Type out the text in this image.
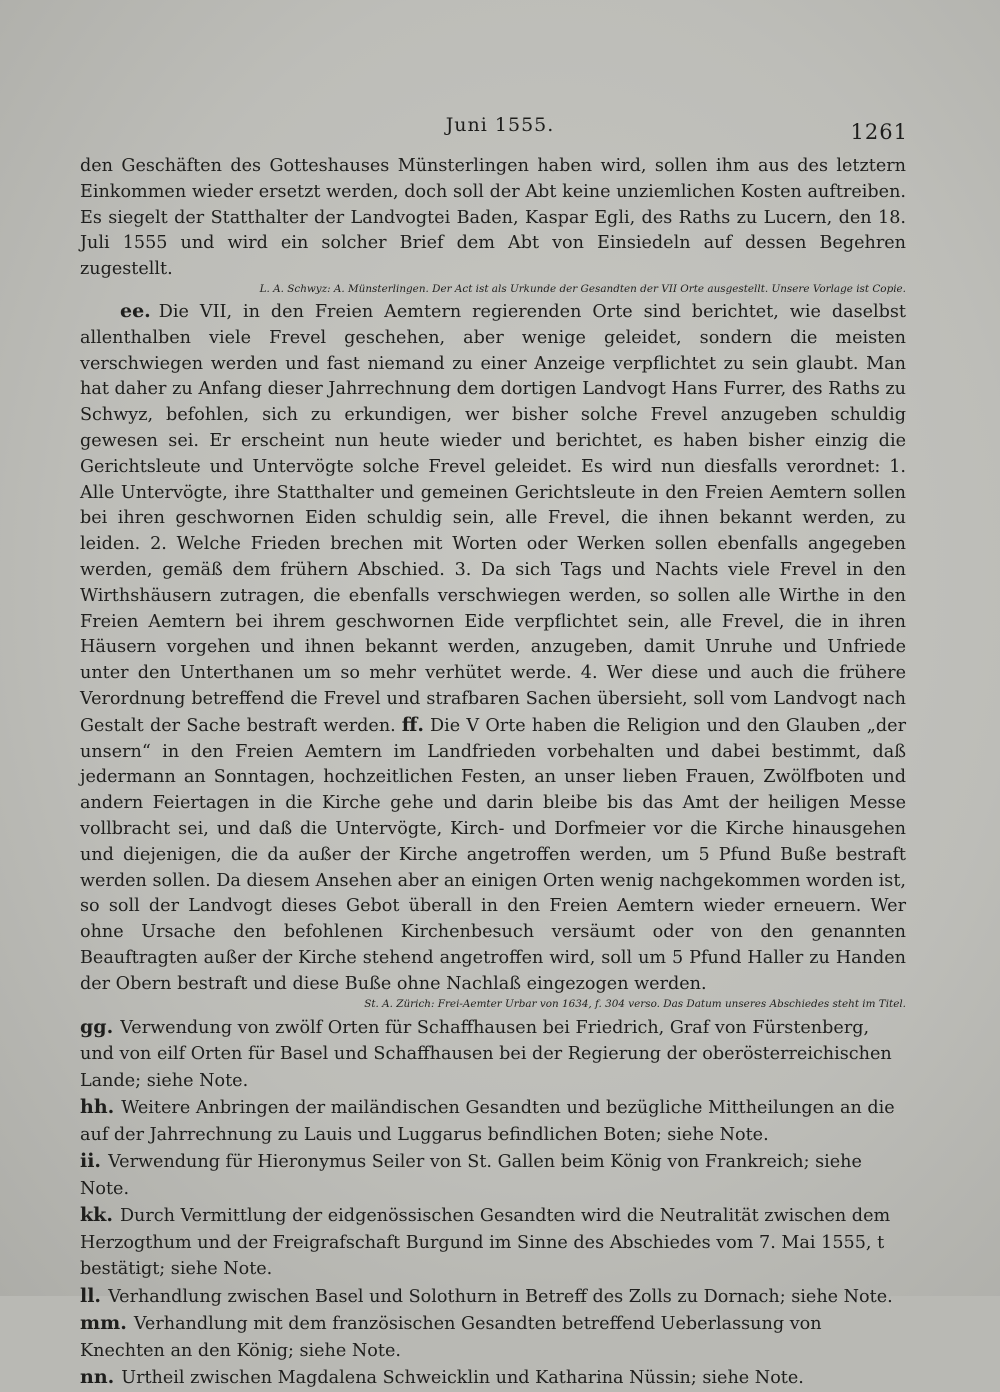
Juni 1555.	1261

den Geschäften des Gotteshauses Münsterlingen haben wird, sollen ihm aus des letztern Einkommen wieder ersetzt werden, doch soll der Abt keine unziemlichen Kosten auftreiben. Es siegelt der Statthalter der Landvogtei Baden, Kaspar Egli, des Raths zu Lucern, den 18. Juli 1555 und wird ein solcher Brief dem Abt von Einsiedeln auf dessen Begehren zugestellt.

L. A. Schwyz: A. Münsterlingen. Der Act ist als Urkunde der Gesandten der VII Orte ausgestellt. Unsere Vorlage ist Copie.

ee. Die VII, in den Freien Aemtern regierenden Orte sind berichtet, wie daselbst allenthalben viele Frevel geschehen, aber wenige geleidet, sondern die meisten verschwiegen werden und fast niemand zu einer Anzeige verpflichtet zu sein glaubt. Man hat daher zu Anfang dieser Jahrrechnung dem dortigen Landvogt Hans Furrer, des Raths zu Schwyz, befohlen, sich zu erkundigen, wer bisher solche Frevel anzugeben schuldig gewesen sei. Er erscheint nun heute wieder und berichtet, es haben bisher einzig die Gerichtsleute und Untervögte solche Frevel geleidet. Es wird nun diesfalls verordnet: 1. Alle Untervögte, ihre Statthalter und gemeinen Gerichtsleute in den Freien Aemtern sollen bei ihren geschwornen Eiden schuldig sein, alle Frevel, die ihnen bekannt werden, zu leiden. 2. Welche Frieden brechen mit Worten oder Werken sollen ebenfalls angegeben werden, gemäß dem frühern Abschied. 3. Da sich Tags und Nachts viele Frevel in den Wirthshäusern zutragen, die ebenfalls verschwiegen werden, so sollen alle Wirthe in den Freien Aemtern bei ihrem geschwornen Eide verpflichtet sein, alle Frevel, die in ihren Häusern vorgehen und ihnen bekannt werden, anzugeben, damit Unruhe und Unfriede unter den Unterthanen um so mehr verhütet werde. 4. Wer diese und auch die frühere Verordnung betreffend die Frevel und strafbaren Sachen übersieht, soll vom Landvogt nach Gestalt der Sache bestraft werden. ff. Die V Orte haben die Religion und den Glauben „der unsern“ in den Freien Aemtern im Landfrieden vorbehalten und dabei bestimmt, daß jedermann an Sonntagen, hochzeitlichen Festen, an unser lieben Frauen, Zwölfboten und andern Feiertagen in die Kirche gehe und darin bleibe bis das Amt der heiligen Messe vollbracht sei, und daß die Untervögte, Kirch- und Dorfmeier vor die Kirche hinausgehen und diejenigen, die da außer der Kirche angetroffen werden, um 5 Pfund Buße bestraft werden sollen. Da diesem Ansehen aber an einigen Orten wenig nachgekommen worden ist, so soll der Landvogt dieses Gebot überall in den Freien Aemtern wieder erneuern. Wer ohne Ursache den befohlenen Kirchenbesuch versäumt oder von den genannten Beauftragten außer der Kirche stehend angetroffen wird, soll um 5 Pfund Haller zu Handen der Obern bestraft und diese Buße ohne Nachlaß eingezogen werden.

St. A. Zürich: Frei-Aemter Urbar von 1634, f. 304 verso. Das Datum unseres Abschiedes steht im Titel.

gg. Verwendung von zwölf Orten für Schaffhausen bei Friedrich, Graf von Fürstenberg, und von eilf Orten für Basel und Schaffhausen bei der Regierung der oberösterreichischen Lande; siehe Note.

hh. Weitere Anbringen der mailändischen Gesandten und bezügliche Mittheilungen an die auf der Jahrrechnung zu Lauis und Luggarus befindlichen Boten; siehe Note.

ii. Verwendung für Hieronymus Seiler von St. Gallen beim König von Frankreich; siehe Note.

kk. Durch Vermittlung der eidgenössischen Gesandten wird die Neutralität zwischen dem Herzogthum und der Freigrafschaft Burgund im Sinne des Abschiedes vom 7. Mai 1555, t bestätigt; siehe Note.

ll. Verhandlung zwischen Basel und Solothurn in Betreff des Zolls zu Dornach; siehe Note.

mm. Verhandlung mit dem französischen Gesandten betreffend Ueberlassung von Knechten an den König; siehe Note.

nn. Urtheil zwischen Magdalena Schweicklin und Katharina Nüssin; siehe Note.
